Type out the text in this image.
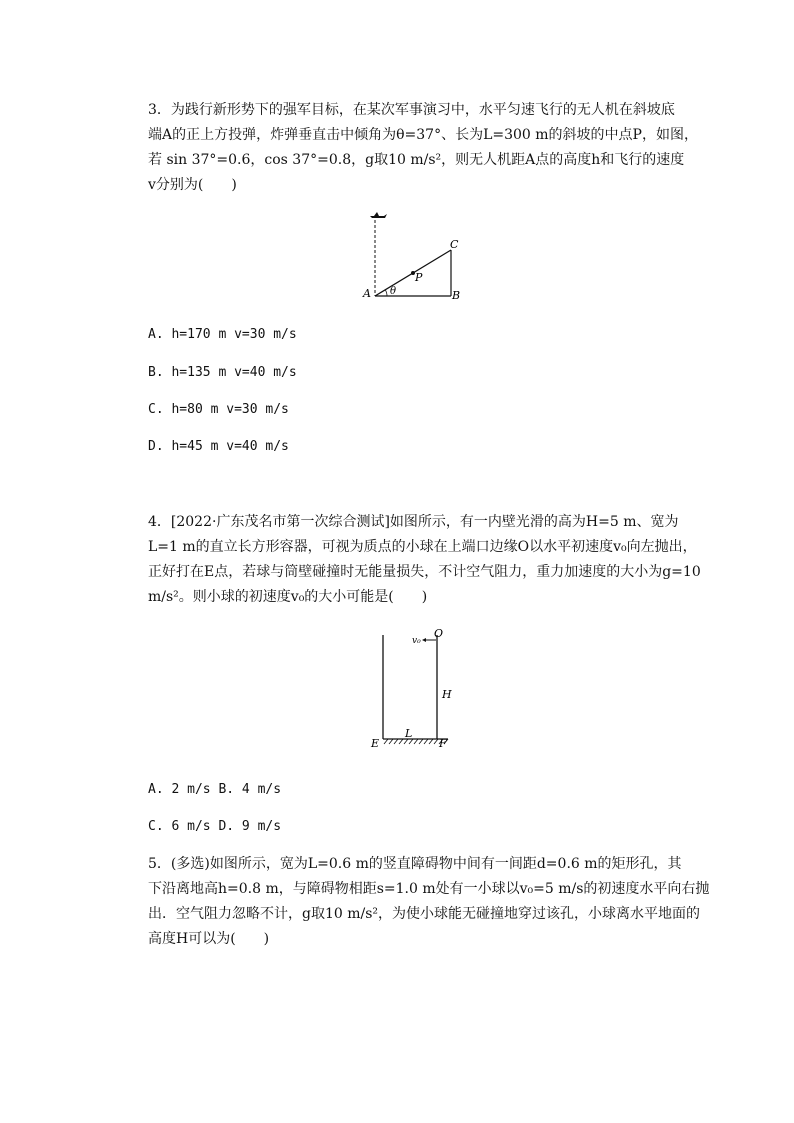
3．为践行新形势下的强军目标，在某次军事演习中，水平匀速飞行的无人机在斜坡底
端A的正上方投弹，炸弹垂直击中倾角为θ=37°、长为L=300 m的斜坡的中点P，如图，
若 sin 37°=0.6，cos 37°=0.8，g取10 m/s²，则无人机距A点的高度h和飞行的速度
v分别为(　　)
P
C
A	B
θ
A. h=170 m v=30 m/s
B. h=135 m v=40 m/s
C. h=80 m v=30 m/s
D. h=45 m v=40 m/s
4．[2022·广东茂名市第一次综合测试]如图所示，有一内壁光滑的高为H=5 m、宽为
L=1 m的直立长方形容器，可视为质点的小球在上端口边缘O以水平初速度v₀向左抛出，
正好打在E点，若球与筒壁碰撞时无能量损失，不计空气阻力，重力加速度的大小为g=10
m/s²。则小球的初速度v₀的大小可能是(　　)
v₀
O
H
L
E	F
A. 2 m/s B. 4 m/s
C. 6 m/s D. 9 m/s
5．(多选)如图所示，宽为L=0.6 m的竖直障碍物中间有一间距d=0.6 m的矩形孔，其
下沿离地高h=0.8 m，与障碍物相距s=1.0 m处有一小球以v₀=5 m/s的初速度水平向右抛
出．空气阻力忽略不计，g取10 m/s²，为使小球能无碰撞地穿过该孔，小球离水平地面的
高度H可以为(　　)
